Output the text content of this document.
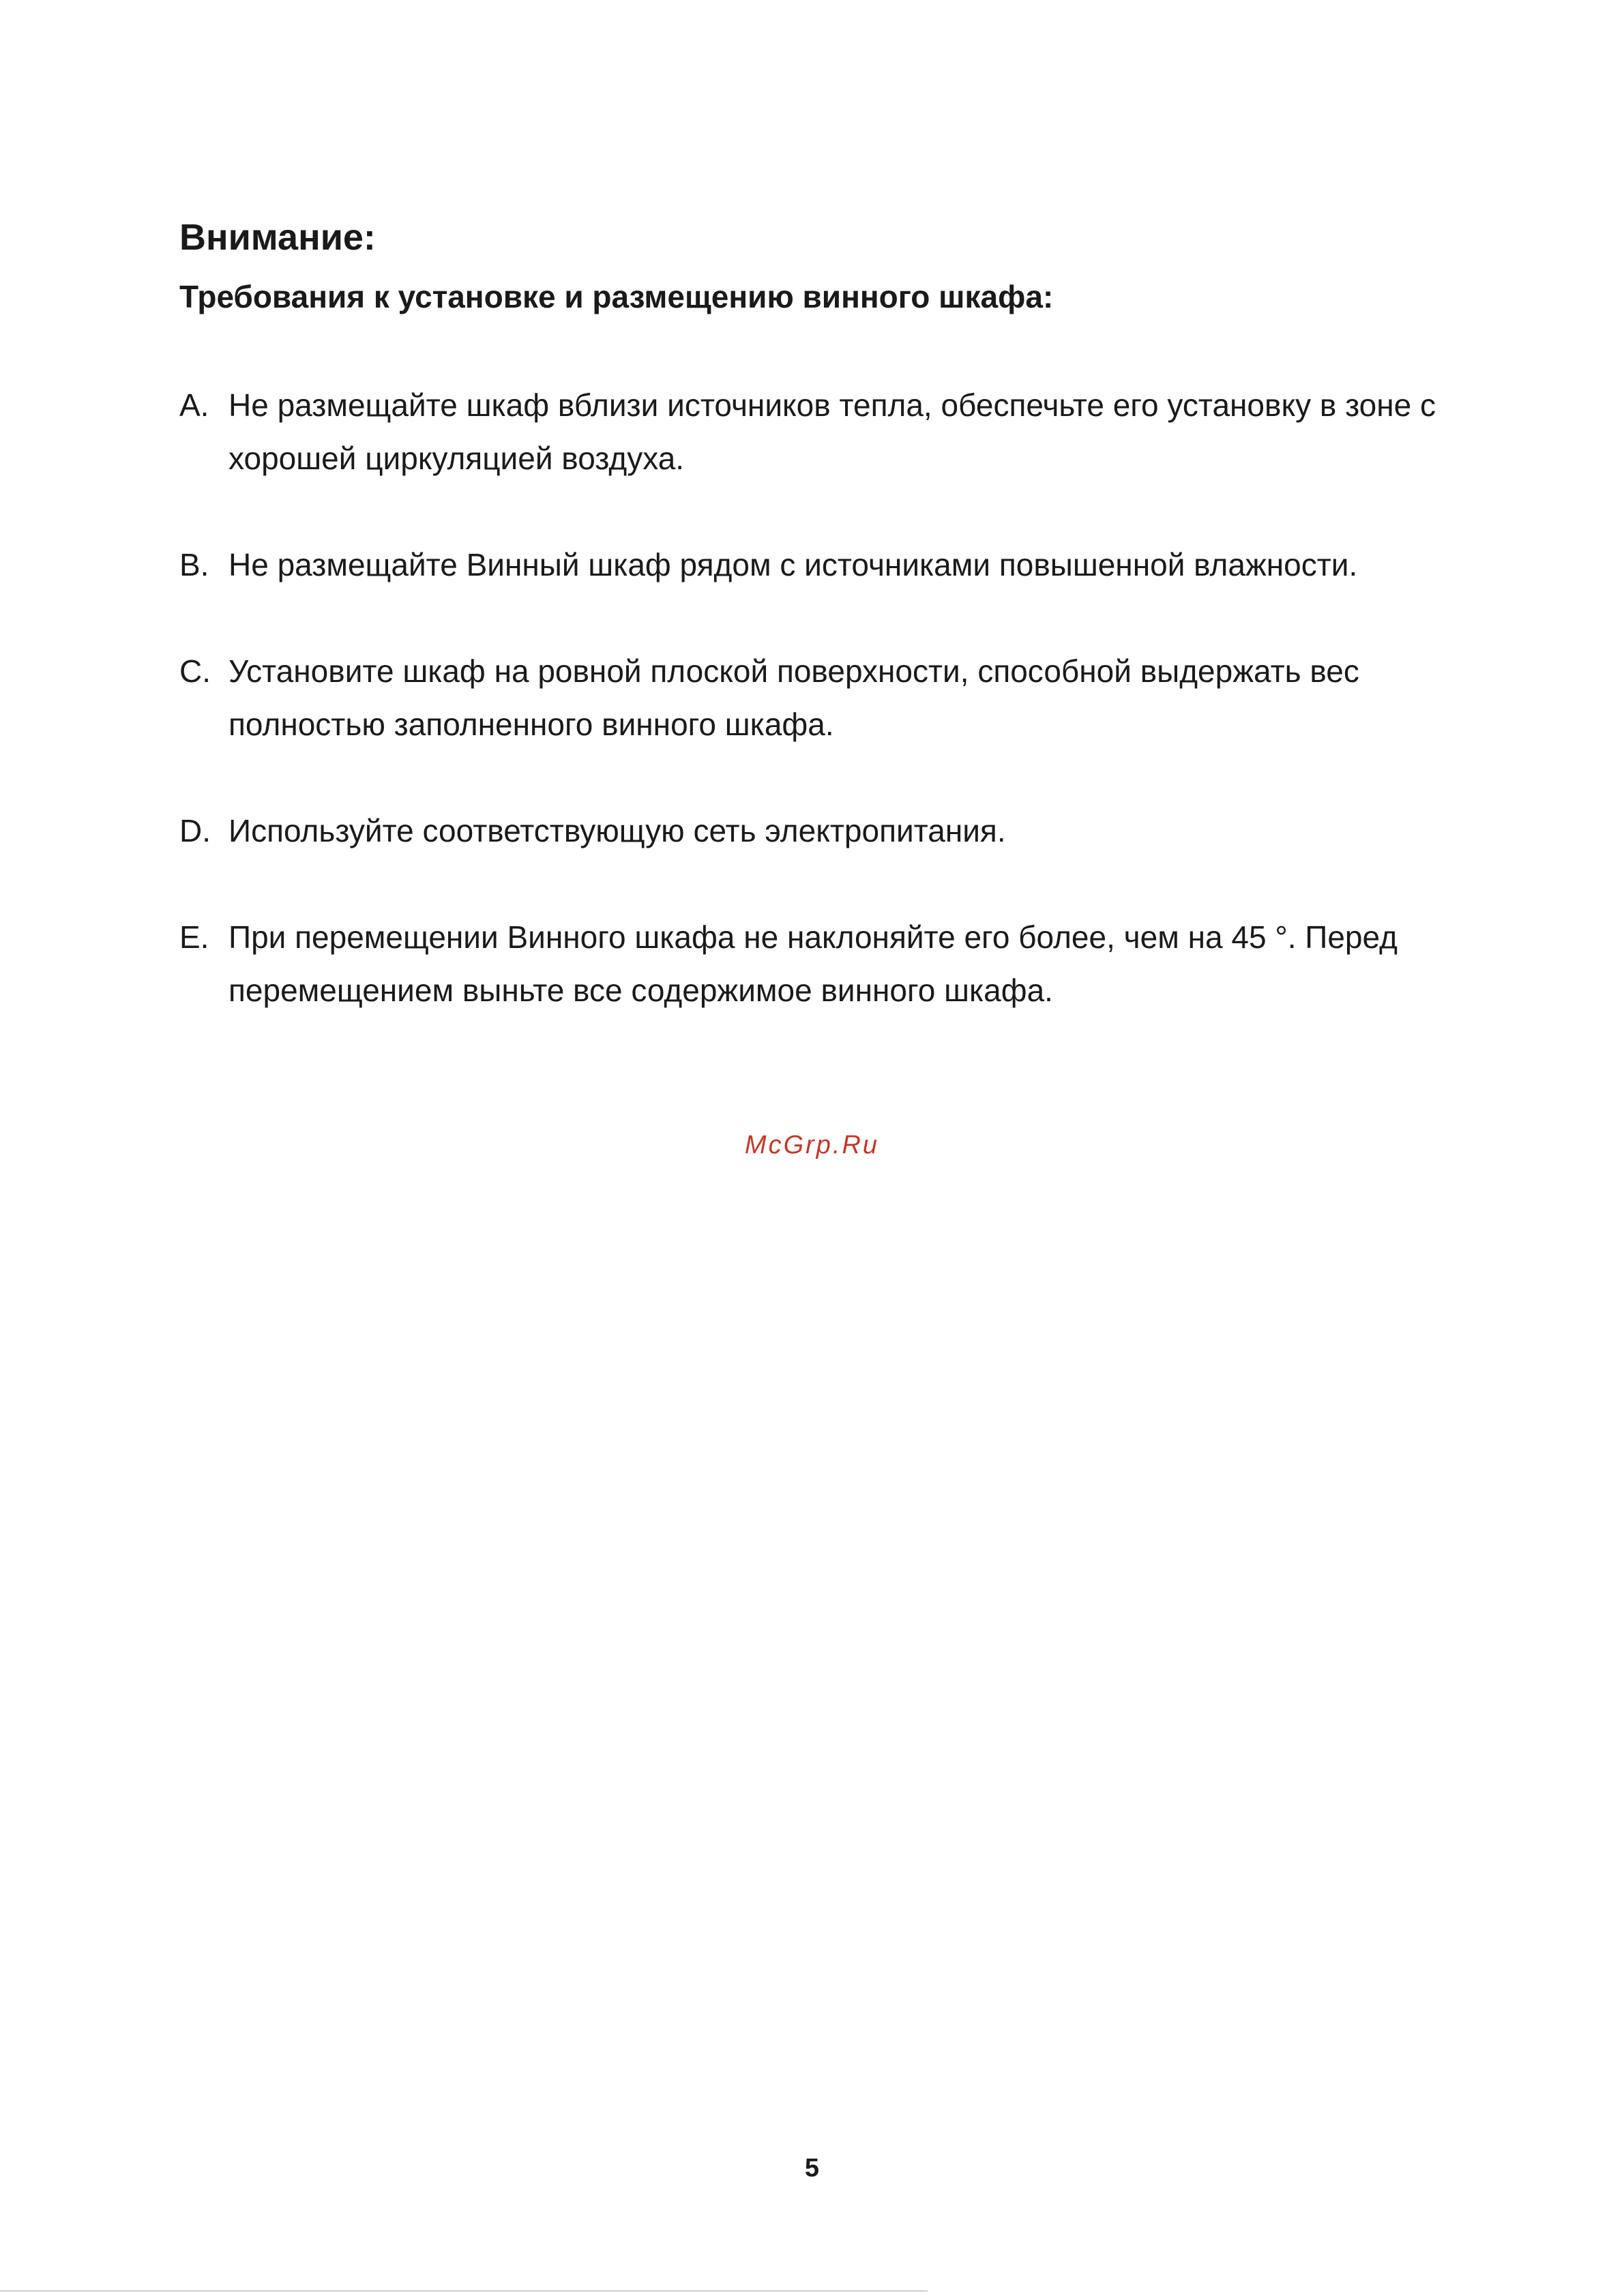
Внимание:
Требования к установке и размещению винного шкафа:
A. Не размещайте шкаф вблизи источников тепла, обеспечьте его установку в зоне с хорошей циркуляцией воздуха.
B. Не размещайте Винный шкаф рядом с источниками повышенной влажности.
C. Установите шкаф на ровной плоской поверхности, способной выдержать вес полностью заполненного винного шкафа.
D. Используйте соответствующую сеть электропитания.
E. При перемещении Винного шкафа не наклоняйте его более, чем на 45 °. Перед перемещением выньте все содержимое винного шкафа.
McGrp.Ru
5
